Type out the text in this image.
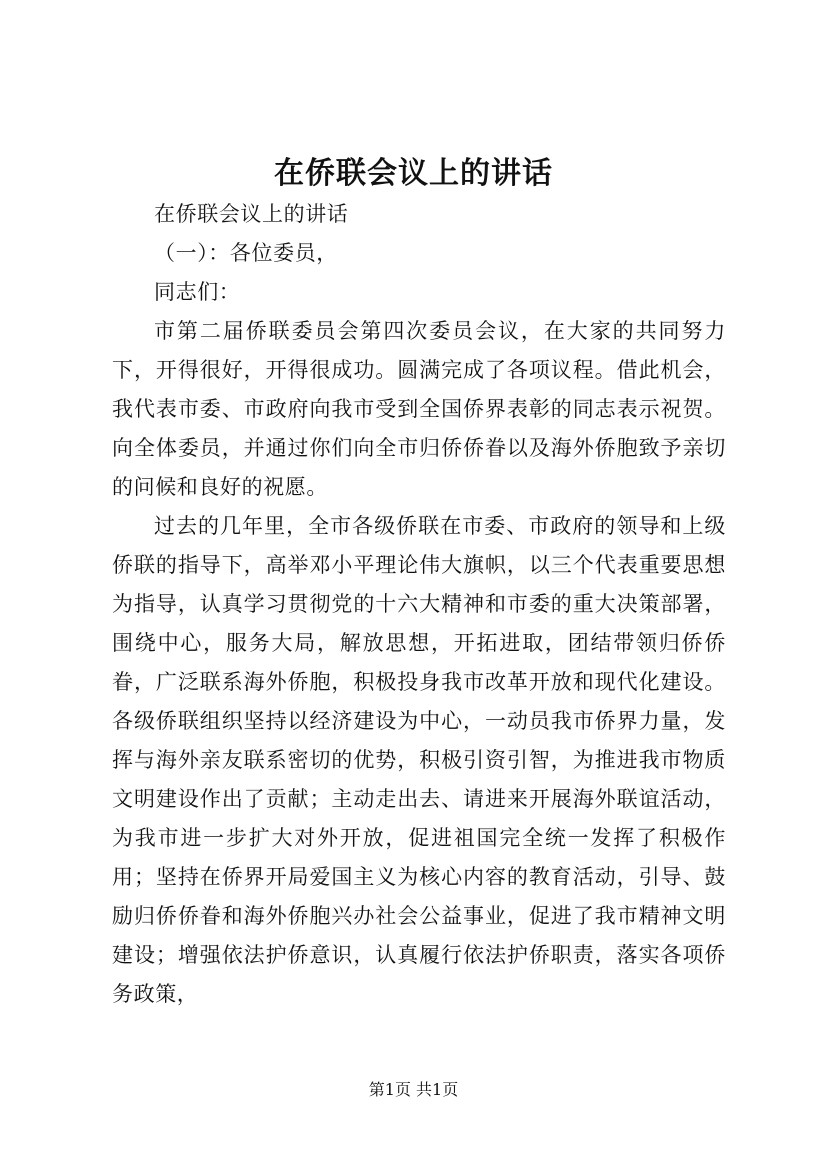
在侨联会议上的讲话

在侨联会议上的讲话

（一）：各位委员，

同志们：

市第二届侨联委员会第四次委员会议，在大家的共同努力下，开得很好，开得很成功。圆满完成了各项议程。借此机会，我代表市委、市政府向我市受到全国侨界表彰的同志表示祝贺。向全体委员，并通过你们向全市归侨侨眷以及海外侨胞致予亲切的问候和良好的祝愿。

过去的几年里，全市各级侨联在市委、市政府的领导和上级侨联的指导下，高举邓小平理论伟大旗帜，以三个代表重要思想为指导，认真学习贯彻党的十六大精神和市委的重大决策部署，围绕中心，服务大局，解放思想，开拓进取，团结带领归侨侨眷，广泛联系海外侨胞，积极投身我市改革开放和现代化建设。各级侨联组织坚持以经济建设为中心，一动员我市侨界力量，发挥与海外亲友联系密切的优势，积极引资引智，为推进我市物质文明建设作出了贡献；主动走出去、请进来开展海外联谊活动，为我市进一步扩大对外开放，促进祖国完全统一发挥了积极作用；坚持在侨界开局爱国主义为核心内容的教育活动，引导、鼓励归侨侨眷和海外侨胞兴办社会公益事业，促进了我市精神文明建设；增强依法护侨意识，认真履行依法护侨职责，落实各项侨务政策，

第1页 共1页
